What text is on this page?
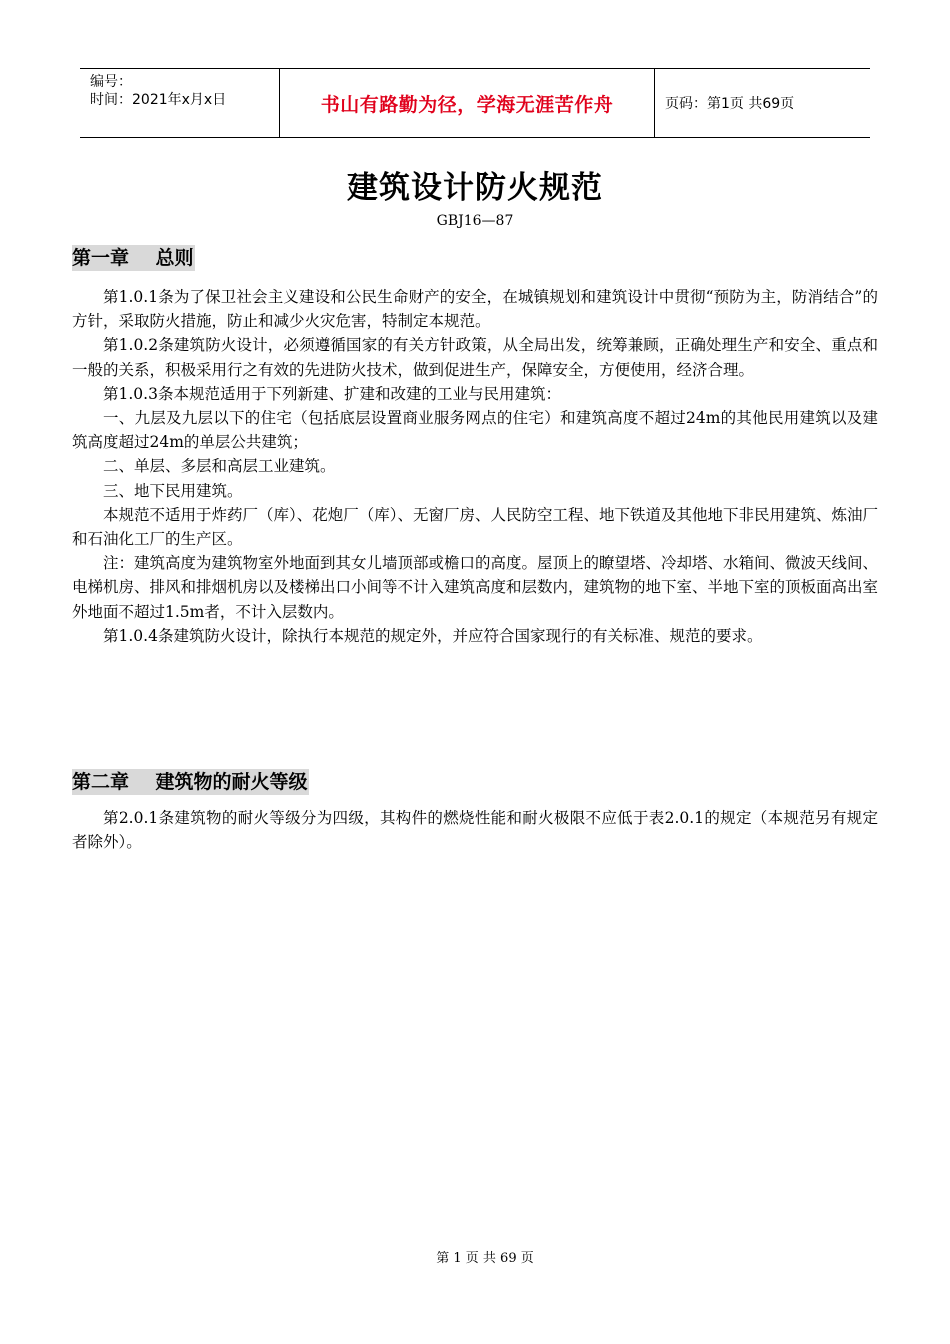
编号：
时间：2021年x月x日	书山有路勤为径，学海无涯苦作舟	页码：第1页 共69页
建筑设计防火规范
GBJ16—87
第一章    总则

第1.0.1条为了保卫社会主义建设和公民生命财产的安全，在城镇规划和建筑设计中贯彻“预防为主，防消结合”的方针，采取防火措施，防止和减少火灾危害，特制定本规范。

第1.0.2条建筑防火设计，必须遵循国家的有关方针政策，从全局出发，统筹兼顾，正确处理生产和安全、重点和一般的关系，积极采用行之有效的先进防火技术，做到促进生产，保障安全，方便使用，经济合理。

第1.0.3条本规范适用于下列新建、扩建和改建的工业与民用建筑：

一、九层及九层以下的住宅（包括底层设置商业服务网点的住宅）和建筑高度不超过24m的其他民用建筑以及建筑高度超过24m的单层公共建筑；

二、单层、多层和高层工业建筑。

三、地下民用建筑。

本规范不适用于炸药厂（库）、花炮厂（库）、无窗厂房、人民防空工程、地下铁道及其他地下非民用建筑、炼油厂和石油化工厂的生产区。

注：建筑高度为建筑物室外地面到其女儿墙顶部或檐口的高度。屋顶上的瞭望塔、冷却塔、水箱间、微波天线间、电梯机房、排风和排烟机房以及楼梯出口小间等不计入建筑高度和层数内，建筑物的地下室、半地下室的顶板面高出室外地面不超过1.5m者，不计入层数内。

第1.0.4条建筑防火设计，除执行本规范的规定外，并应符合国家现行的有关标准、规范的要求。

第二章    建筑物的耐火等级

第2.0.1条建筑物的耐火等级分为四级，其构件的燃烧性能和耐火极限不应低于表2.0.1的规定（本规范另有规定者除外）。

第 1 页 共 69 页
